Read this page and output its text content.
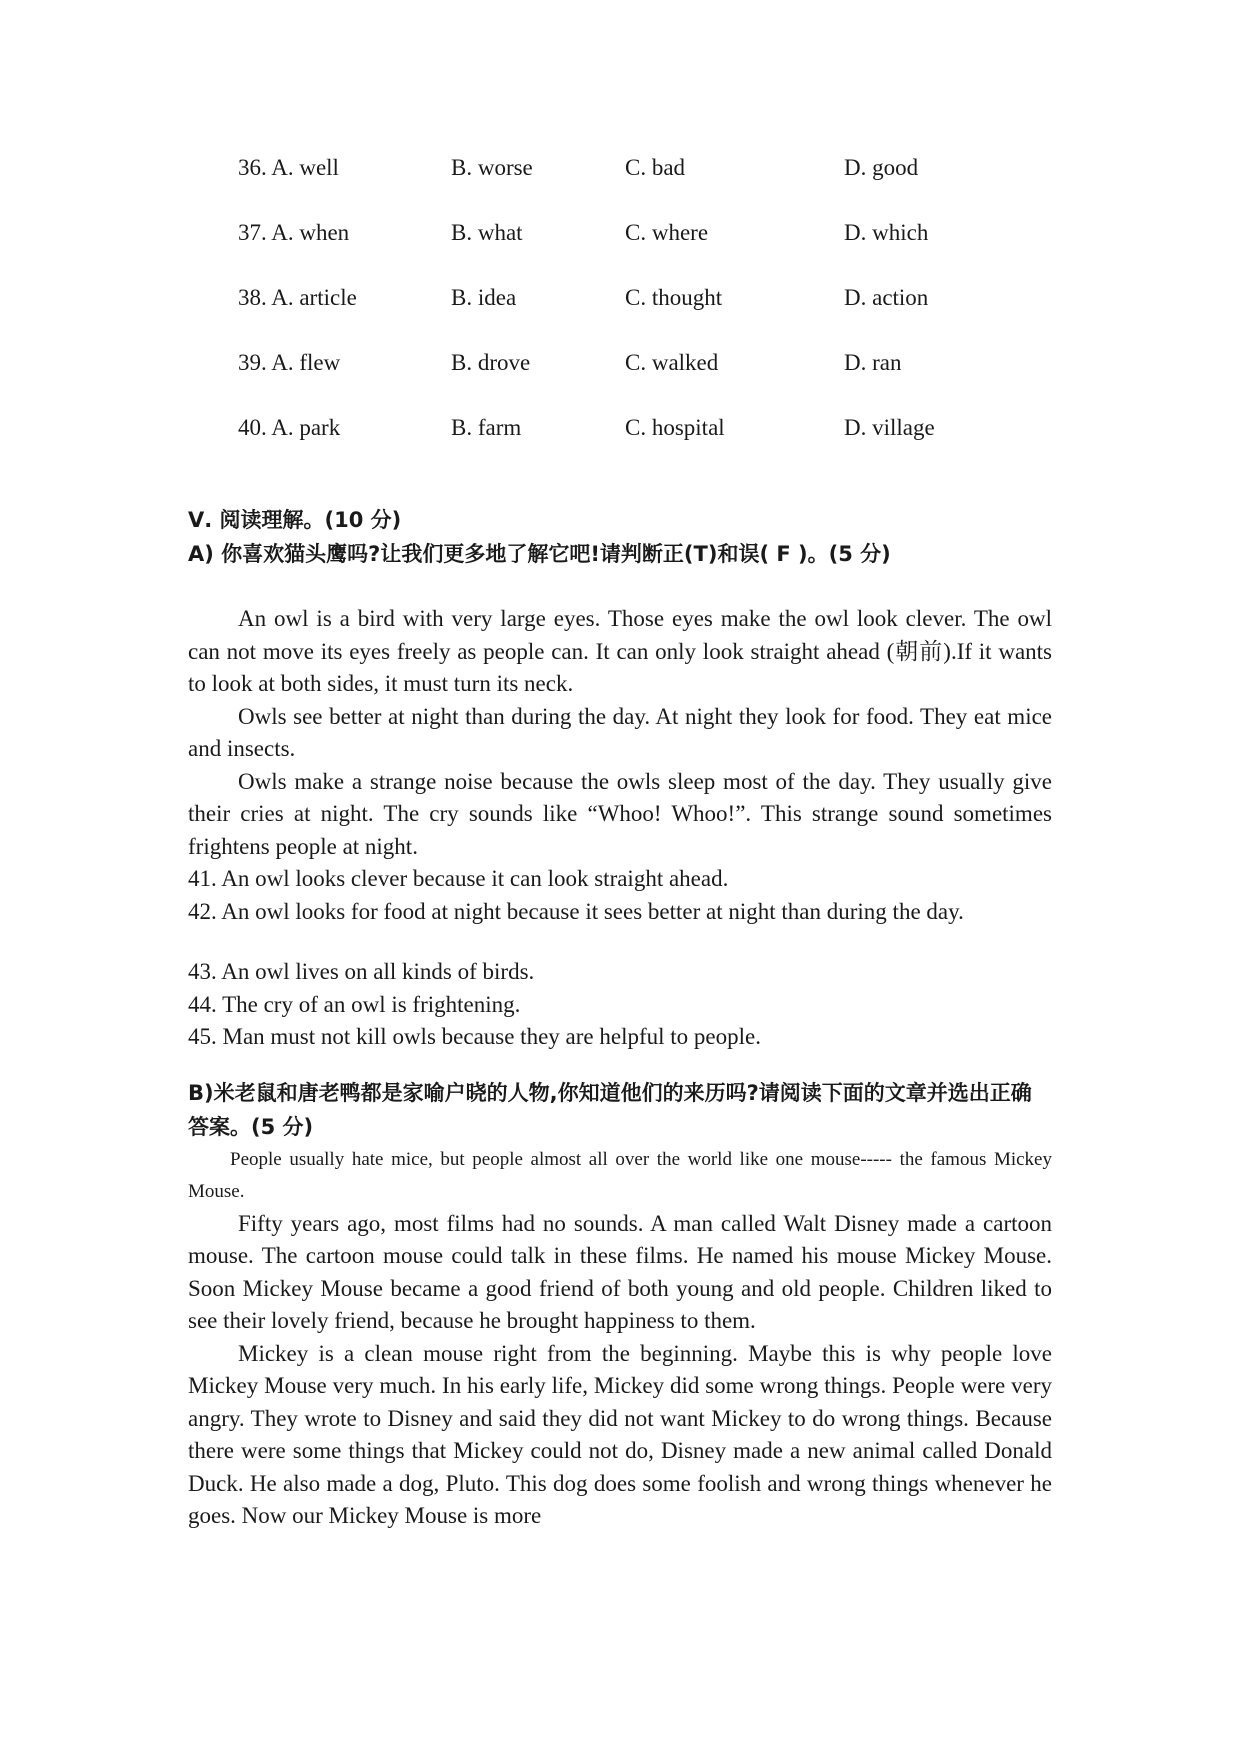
36. A. well	B. worse	C. bad	D. good
37. A. when	B. what	C. where	D. which
38. A. article	B. idea	C. thought	D. action
39. A. flew	B. drove	C. walked	D. ran
40. A. park	B. farm	C. hospital	D. village

Ⅴ. 阅读理解。(10 分)

A) 你喜欢猫头鹰吗?让我们更多地了解它吧!请判断正(T)和误( F )。(5 分)

An owl is a bird with very large eyes. Those eyes make the owl look clever. The owl can not move its eyes freely as people can. It can only look straight ahead (朝前).If it wants to look at both sides, it must turn its neck.

Owls see better at night than during the day. At night they look for food. They eat mice and insects.

Owls make a strange noise because the owls sleep most of the day. They usually give their cries at night. The cry sounds like “Whoo! Whoo!”. This strange sound sometimes frightens people at night.

41. An owl looks clever because it can look straight ahead.

42. An owl looks for food at night because it sees better at night than during the day.

43. An owl lives on all kinds of birds.

44. The cry of an owl is frightening.

45. Man must not kill owls because they are helpful to people.

B)米老鼠和唐老鸭都是家喻户晓的人物,你知道他们的来历吗?请阅读下面的文章并选出正确答案。(5 分)

People usually hate mice, but people almost all over the world like one mouse----- the famous Mickey Mouse.

Fifty years ago, most films had no sounds. A man called Walt Disney made a cartoon mouse. The cartoon mouse could talk in these films. He named his mouse Mickey Mouse. Soon Mickey Mouse became a good friend of both young and old people. Children liked to see their lovely friend, because he brought happiness to them.

Mickey is a clean mouse right from the beginning. Maybe this is why people love Mickey Mouse very much. In his early life, Mickey did some wrong things. People were very angry. They wrote to Disney and said they did not want Mickey to do wrong things. Because there were some things that Mickey could not do, Disney made a new animal called Donald Duck. He also made a dog, Pluto. This dog does some foolish and wrong things whenever he goes. Now our Mickey Mouse is more
